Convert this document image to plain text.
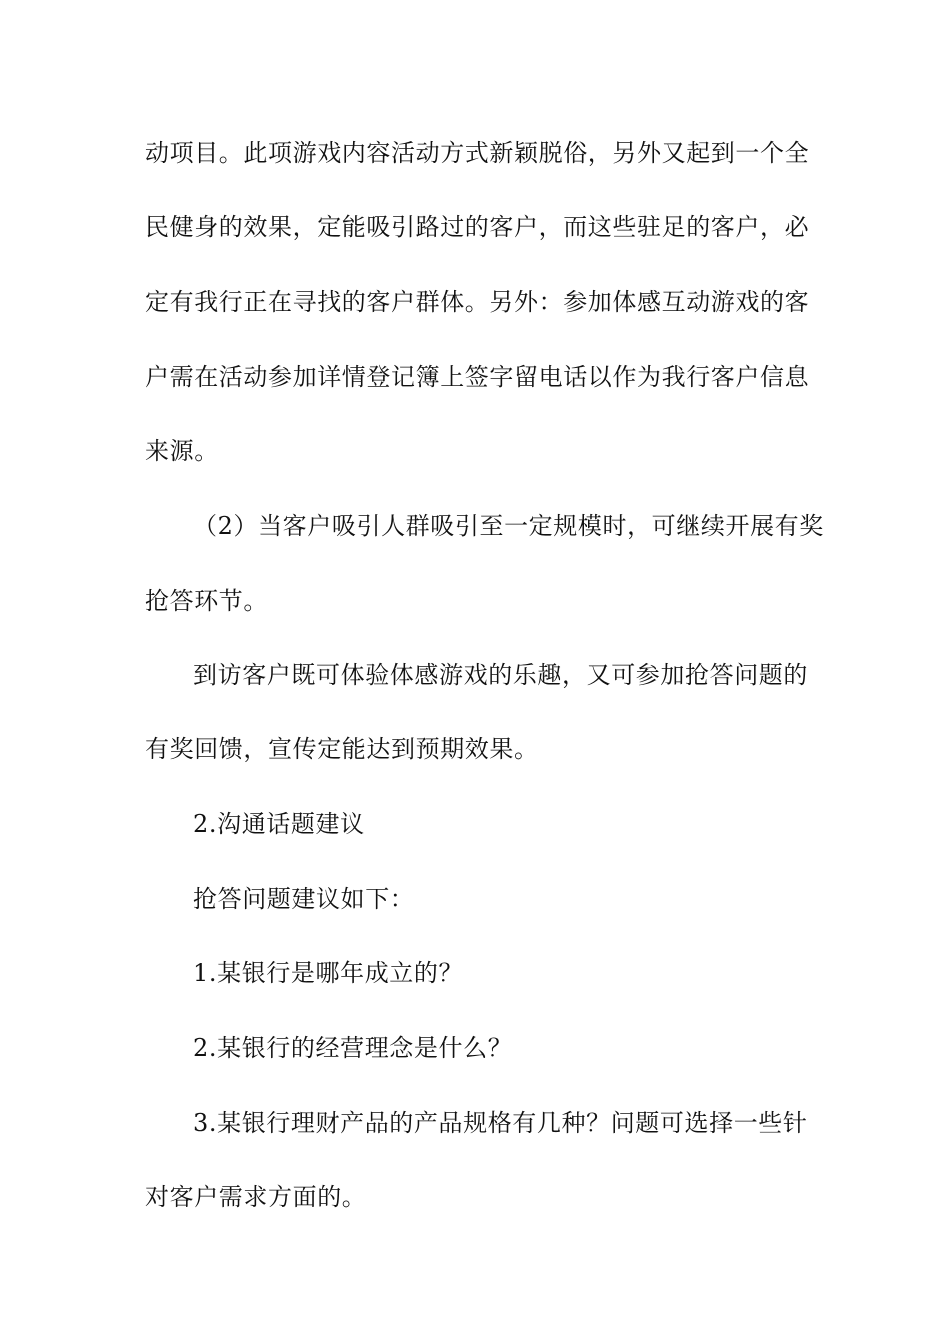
动项目。此项游戏内容活动方式新颖脱俗，另外又起到一个全
民健身的效果，定能吸引路过的客户，而这些驻足的客户，必
定有我行正在寻找的客户群体。另外：参加体感互动游戏的客
户需在活动参加详情登记簿上签字留电话以作为我行客户信息
来源。
（2）当客户吸引人群吸引至一定规模时，可继续开展有奖
抢答环节。
到访客户既可体验体感游戏的乐趣，又可参加抢答问题的
有奖回馈，宣传定能达到预期效果。
2.沟通话题建议
抢答问题建议如下：
1.某银行是哪年成立的？
2.某银行的经营理念是什么？
3.某银行理财产品的产品规格有几种？问题可选择一些针
对客户需求方面的。
